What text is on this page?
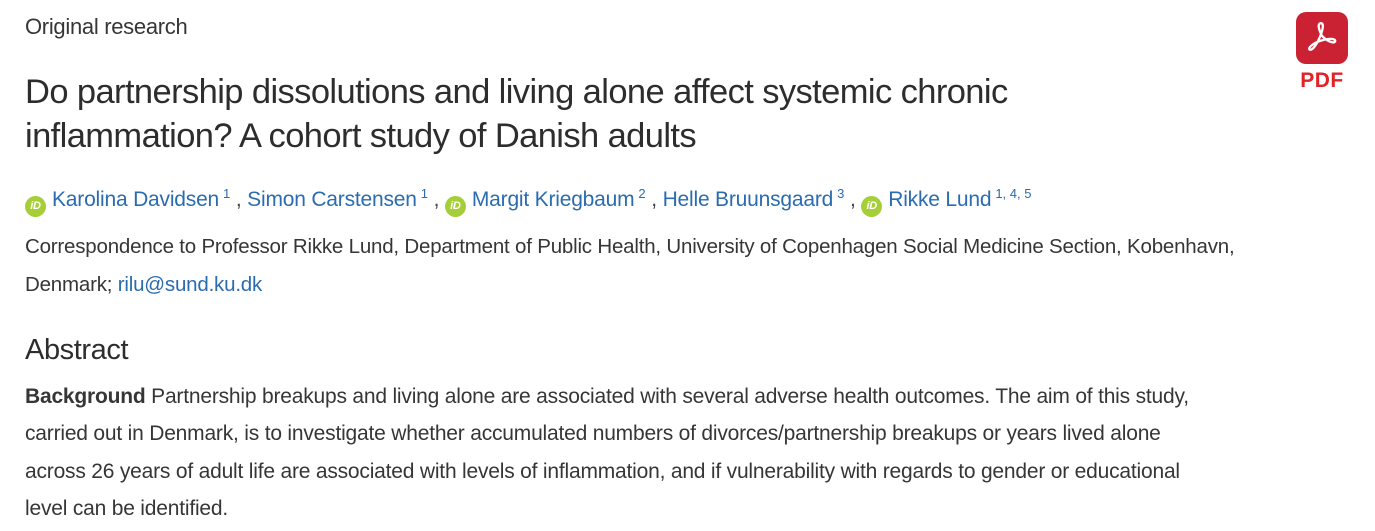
Original research
Do partnership dissolutions and living alone affect systemic chronic
inflammation? A cohort study of Danish adults
iD Karolina Davidsen $^1$ , Simon Carstensen $^1$ , iD Margit Kriegbaum $^2$ , Helle Bruunsgaard $^3$ , iD Rikke Lund $^{1, 4, 5}$
Correspondence to Professor Rikke Lund, Department of Public Health, University of Copenhagen Social Medicine Section, Kobenhavn,
Denmark; rilu@sund.ku.dk
PDF
Abstract
Background Partnership breakups and living alone are associated with several adverse health outcomes. The aim of this study,
carried out in Denmark, is to investigate whether accumulated numbers of divorces/partnership breakups or years lived alone
across 26 years of adult life are associated with levels of inflammation, and if vulnerability with regards to gender or educational
level can be identified.
